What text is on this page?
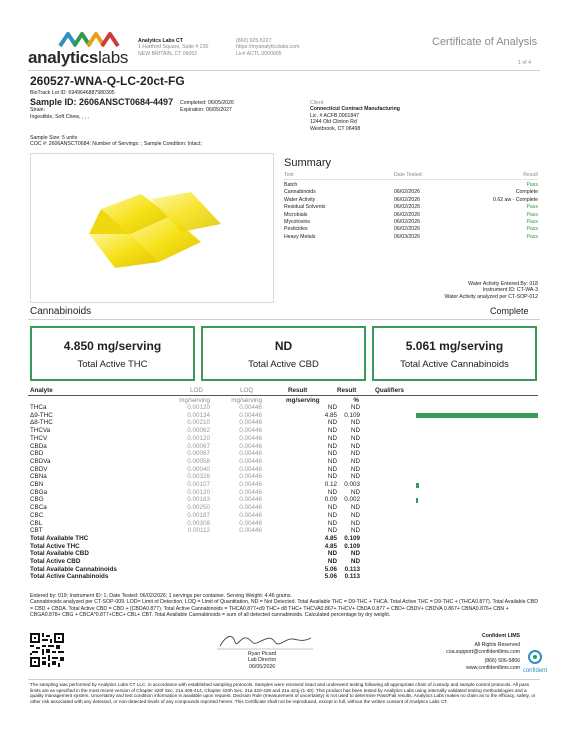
analyticslabs
Analytics Labs CT
1 Hartford Square, Suite # 230
NEW BRITAIN, CT 06052
(860) 925-5227
https://myanalyticslabs.com
Lic# ACTL.0000005
Certificate of Analysis
1 of 4
260527-WNA-Q-LC-20ct-FG
BioTrack Lot ID: 6949646887980395
Sample ID: 2606ANSCT0684-4497
Strain:
Ingestible, Soft Chew, , , ,
Completed: 06/05/2026
Expiration: 06/05/2027
Sample Size: 5 units
COC #: 2606ANSCT0684; Number of Servings: ; Sample Condition: Intact;
Client
Connecticut Contract Manufacturing
Lic. # ACFB.0001847
1244 Old Clinton Rd
Westbrook, CT 06498
Summary
Test	Date Tested	Result
Batch	Pass
Cannabinoids	06/02/2026	Complete
Water Activity	06/02/2026	0.62 aw - Complete
Residual Solvents	06/02/2026	Pass
Microbials	06/02/2026	Pass
Mycotoxins	06/02/2026	Pass
Pesticides	06/02/2026	Pass
Heavy Metals	06/03/2026	Pass
Water Activity Entered By: 018
Instrument ID: CT-WA-3
Water Activity analyzed per CT-SOP-012
Cannabinoids	Complete
4.850 mg/serving
Total Active THC
ND
Total Active CBD
5.061 mg/serving
Total Active Cannabinoids
Analyte	LOD	LOQ	Result	Result	Qualifiers
mg/serving	mg/serving	mg/serving	%
THCa	0.00120	0.00446	ND	ND
Δ9-THC	0.00134	0.00446	4.85	0.109
Δ8-THC	0.00210	0.00446	ND	ND
THCVa	0.00062	0.00446	ND	ND
THCV	0.00120	0.00446	ND	ND
CBDa	0.00067	0.00446	ND	ND
CBD	0.00067	0.00446	ND	ND
CBDVa	0.00058	0.00446	ND	ND
CBDV	0.00040	0.00446	ND	ND
CBNa	0.00326	0.00446	ND	ND
CBN	0.00107	0.00446	0.12	0.003
CBGa	0.00120	0.00446	ND	ND
CBG	0.00183	0.00446	0.09	0.002
CBCa	0.00250	0.00446	ND	ND
CBC	0.00187	0.00446	ND	ND
CBL	0.00308	0.00446	ND	ND
CBT	0.00112	0.00446	ND	ND
Total Available THC	4.85	0.109
Total Active THC	4.85	0.109
Total Available CBD	ND	ND
Total Active CBD	ND	ND
Total Available Cannabinoids	5.06	0.113
Total Active Cannabinoids	5.06	0.113
Entered by: 019; Instrument ID: 1; Date Tested: 06/02/2026; 1 servings per container. Serving Weight: 4.46 grams.
Cannabinoids analyzed per CT-SOP-009. LOD= Limit of Detection, LOQ = Limit of Quantitation, ND = Not Detected. Total Available THC = D9-THC + THCA. Total Active THC = D9-THC + (THCA0.877). Total Available CBD = CBD + CBDA. Total Active CBD = CBD + (CBDA0.877). Total Active Cannabinoids = THCA0.877+d9 THC+ d8 THC+ THCVA0.867+ THCV+ CBDA 0.877 + CBD+ CBDV+ CBDVA 0.867+ CBNA0.876+ CBN + CBGA0.878+ CBG + CBCA*0.877+CBC+ CBL+ CBT. Total Available Cannabinoids = sum of all detected cannabinoids. Calculated percentage by dry weight.
Ryan Picard
Lab Director
06/05/2026
Confident LIMS
All Rights Reserved
coa.support@confidentlims.com
(866) 506-5866
www.confidentlims.com
confident
The sampling was performed by Analytics Labs CT LLC. in accordance with established sampling protocols. Samples were received intact and underwent testing following all appropriate chain of custody and sample control protocols. All pass limits are as specified in the most recent version of Chapter 420f Sec. 21a 408-414, Chapter 420h Sec. 21a 420-429 and 21a 421j-(1-40). This product has been tested by Analytics Labs using internally validated testing methodologies and a quality management system. Uncertainty and test condition information is available upon request. Decision Rule (measurement of uncertainty) is not used to determine Pass/Fail results. Analytics Labs makes no claim as to the efficacy, safety, or other risk associated with any detected, or non-detected levels of any compounds reported herein. This Certificate shall not be reproduced, except in full, without the written consent of Analytics Labs CT.
